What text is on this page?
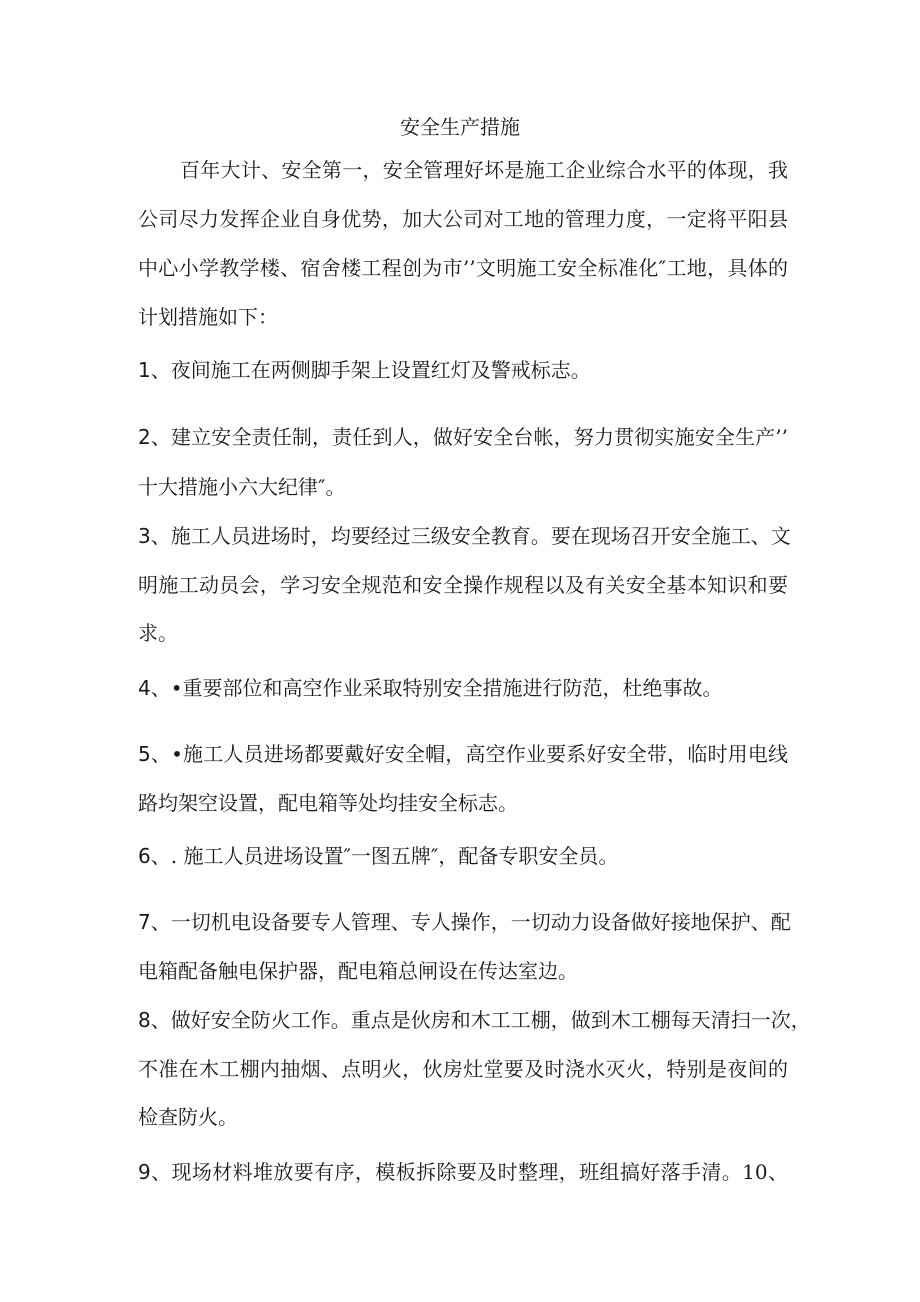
安全生产措施
百年大计、安全第一，安全管理好坏是施工企业综合水平的体现，我
公司尽力发挥企业自身优势，加大公司对工地的管理力度，一定将平阳县
中心小学教学楼、宿舍楼工程创为市’’文明施工安全标准化″工地，具体的
计划措施如下：
1、夜间施工在两侧脚手架上设置红灯及警戒标志。
2、建立安全责任制，责任到人，做好安全台帐，努力贯彻实施安全生产’’
十大措施小六大纪律″。
3、施工人员进场时，均要经过三级安全教育。要在现场召开安全施工、文
明施工动员会，学习安全规范和安全操作规程以及有关安全基本知识和要
求。
4、•重要部位和高空作业采取特别安全措施进行防范，杜绝事故。
5、•施工人员进场都要戴好安全帽，高空作业要系好安全带，临时用电线
路均架空设置，配电箱等处均挂安全标志。
6、. 施工人员进场设置″一图五牌″，配备专职安全员。
7、一切机电设备要专人管理、专人操作，一切动力设备做好接地保护、配
电箱配备触电保护器，配电箱总闸设在传达室边。
8、做好安全防火工作。重点是伙房和木工工棚，做到木工棚每天清扫一次，
不准在木工棚内抽烟、点明火，伙房灶堂要及时浇水灭火，特别是夜间的
检查防火。
9、现场材料堆放要有序，模板拆除要及时整理，班组搞好落手清。10、
